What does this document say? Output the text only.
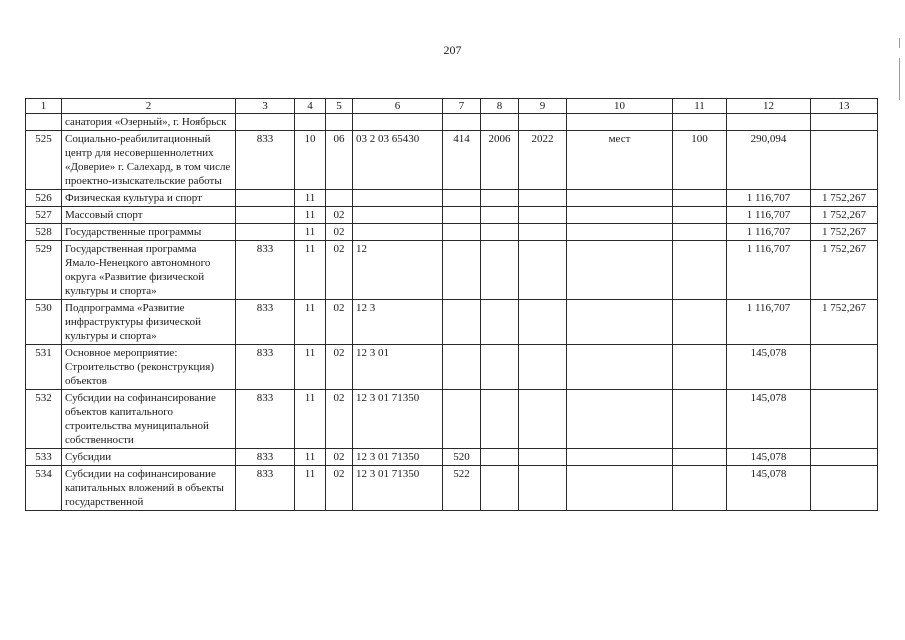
207
1	2	3	4	5	6	7	8	9	10	11	12	13
	санатория «Озерный», г. Ноябрьск											
525	Социально-реабилитационный центр для несовершеннолетних «Доверие» г. Салехард, в том числе проектно-изыскательские работы	833	10	06	03 2 03 65430	414	2006	2022	мест	100	290,094	
526	Физическая культура и спорт		11								1 116,707	1 752,267
527	Массовый спорт		11	02							1 116,707	1 752,267
528	Государственные программы		11	02							1 116,707	1 752,267
529	Государственная программа Ямало-Ненецкого автономного округа «Развитие физической культуры и спорта»	833	11	02	12						1 116,707	1 752,267
530	Подпрограмма «Развитие инфраструктуры физической культуры и спорта»	833	11	02	12 3						1 116,707	1 752,267
531	Основное мероприятие: Строительство (реконструкция) объектов	833	11	02	12 3 01						145,078	
532	Субсидии на софинансирование объектов капитального строительства муниципальной собственности	833	11	02	12 3 01 71350						145,078	
533	Субсидии	833	11	02	12 3 01 71350	520					145,078	
534	Субсидии на софинансирование капитальных вложений в объекты государственной	833	11	02	12 3 01 71350	522					145,078	
